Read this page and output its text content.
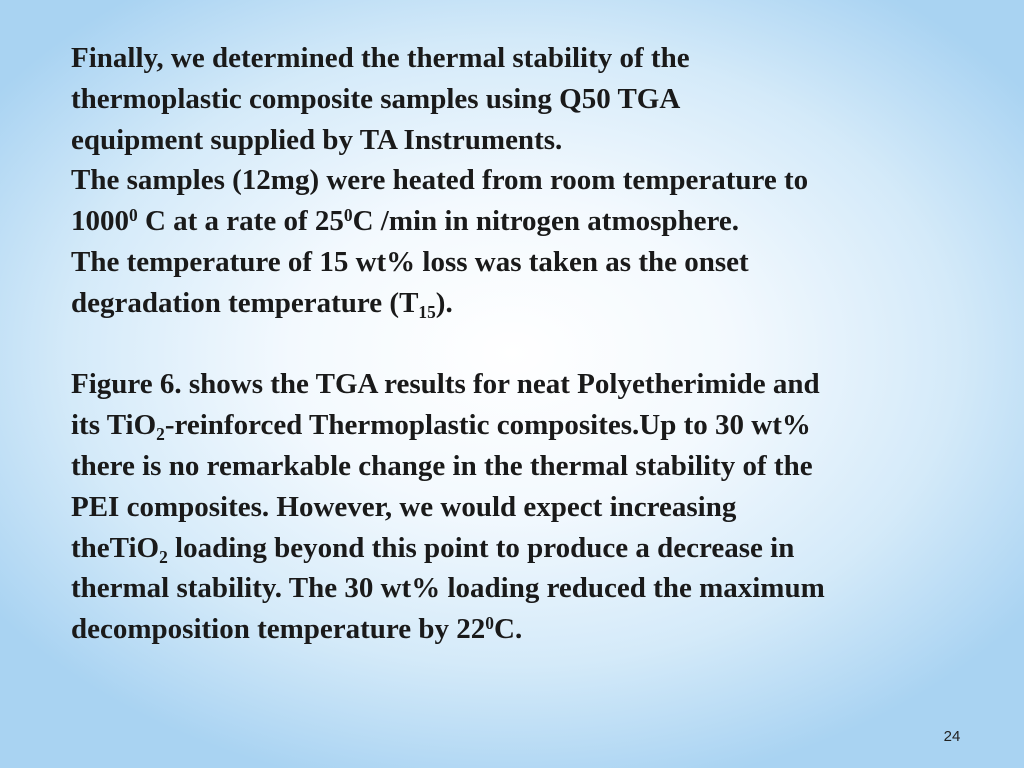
Finally, we determined the thermal stability of the

thermoplastic composite samples using Q50 TGA

equipment supplied by TA Instruments.

The samples (12mg) were heated from room temperature to

1000$^0$ C at a rate of $25^0C$ /min in nitrogen atmosphere.

The temperature of 15 wt% loss was taken as the onset

degradation temperature $(T_{15})$.

Figure 6. shows the TGA results for neat Polyetherimide and

its TiO$_2$-reinforced Thermoplastic composites.Up to 30 wt%

there is no remarkable change in the thermal stability of the

PEI composites. However, we would expect increasing

theTiO$_2$ loading beyond this point to produce a decrease in

thermal stability. The 30 wt% loading reduced the maximum

decomposition temperature by $22^0C$.

24
